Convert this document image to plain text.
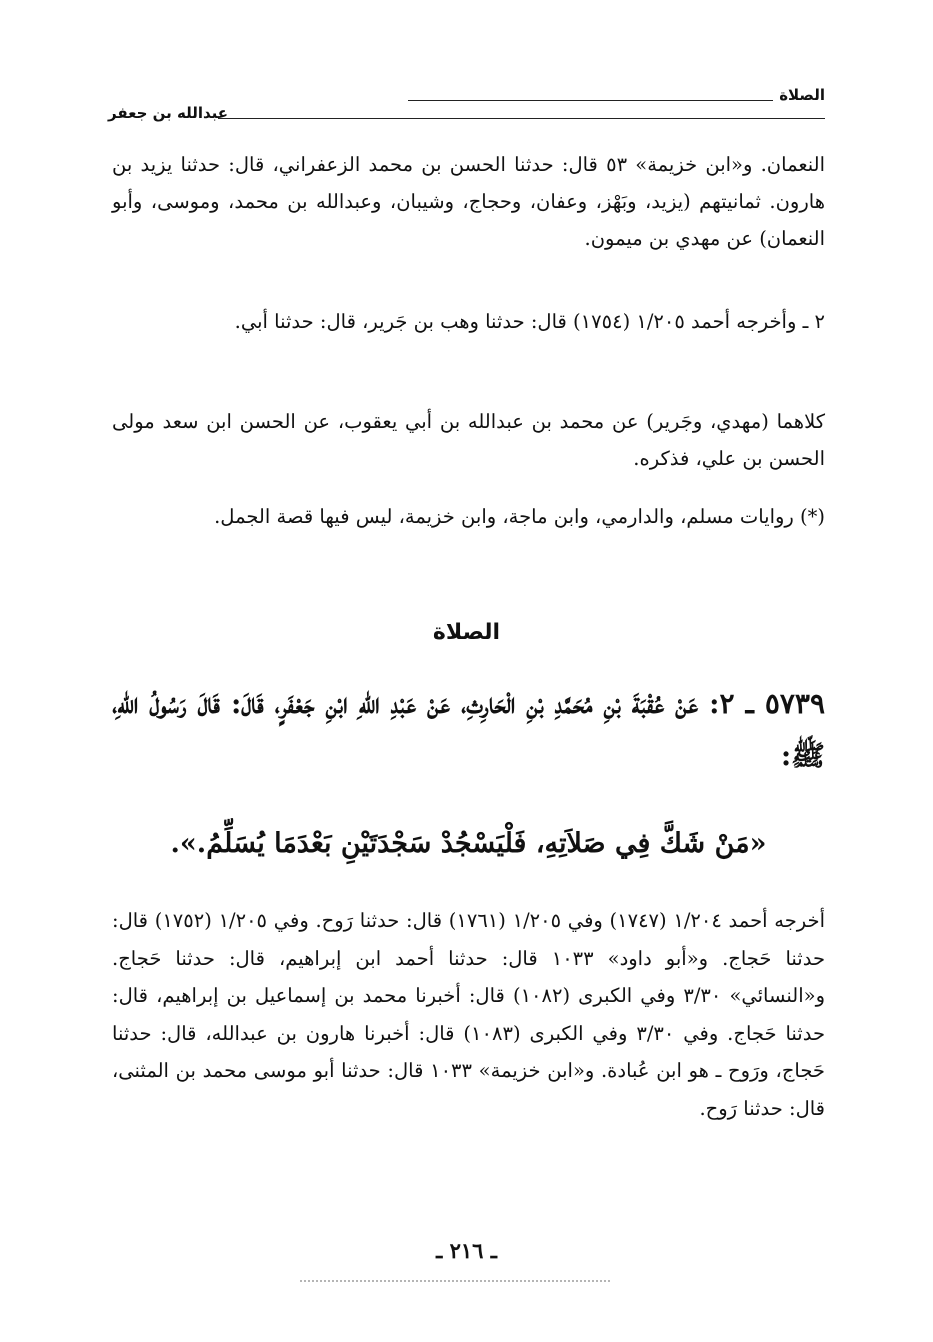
الصلاة
عبدالله بن جعفر

النعمان. و«ابن خزيمة» ٥٣ قال: حدثنا الحسن بن محمد الزعفراني، قال: حدثنا يزيد بن هارون. ثمانيتهم (يزيد، وبَهْز، وعفان، وحجاج، وشيبان، وعبدالله بن محمد، وموسى، وأبو النعمان) عن مهدي بن ميمون.

٢ ـ وأخرجه أحمد ١/٢٠٥ (١٧٥٤) قال: حدثنا وهب بن جَرير، قال: حدثنا أبي.

كلاهما (مهدي، وجَرير) عن محمد بن عبدالله بن أبي يعقوب، عن الحسن ابن سعد مولى الحسن بن علي، فذكره.

(*) روايات مسلم، والدارمي، وابن ماجة، وابن خزيمة، ليس فيها قصة الجمل.

الصلاة

٥٧٣٩ ـ ٢: عَنْ عُقْبَةَ بْنِ مُحَمَّدِ بْنِ الْحَارِثِ، عَنْ عَبْدِ اللّهِ ابْنِ جَعْفَرٍ، قَالَ: قَالَ رَسُولُ اللّهِ، ﷺ:

«مَنْ شَكَّ فِي صَلاَتِهِ، فَلْيَسْجُدْ سَجْدَتَيْنِ بَعْدَمَا يُسَلِّمُ.».

أخرجه أحمد ١/٢٠٤ (١٧٤٧) وفي ١/٢٠٥ (١٧٦١) قال: حدثنا رَوح. وفي ١/٢٠٥ (١٧٥٢) قال: حدثنا حَجاج. و«أبو داود» ١٠٣٣ قال: حدثنا أحمد ابن إبراهيم، قال: حدثنا حَجاج. و«النسائي» ٣/٣٠ وفي الكبرى (١٠٨٢) قال: أخبرنا محمد بن إسماعيل بن إبراهيم، قال: حدثنا حَجاج. وفي ٣/٣٠ وفي الكبرى (١٠٨٣) قال: أخبرنا هارون بن عبدالله، قال: حدثنا حَجاج، ورَوح ـ هو ابن عُبادة. و«ابن خزيمة» ١٠٣٣ قال: حدثنا أبو موسى محمد بن المثنى، قال: حدثنا رَوح.

ـ ٢١٦ ـ
